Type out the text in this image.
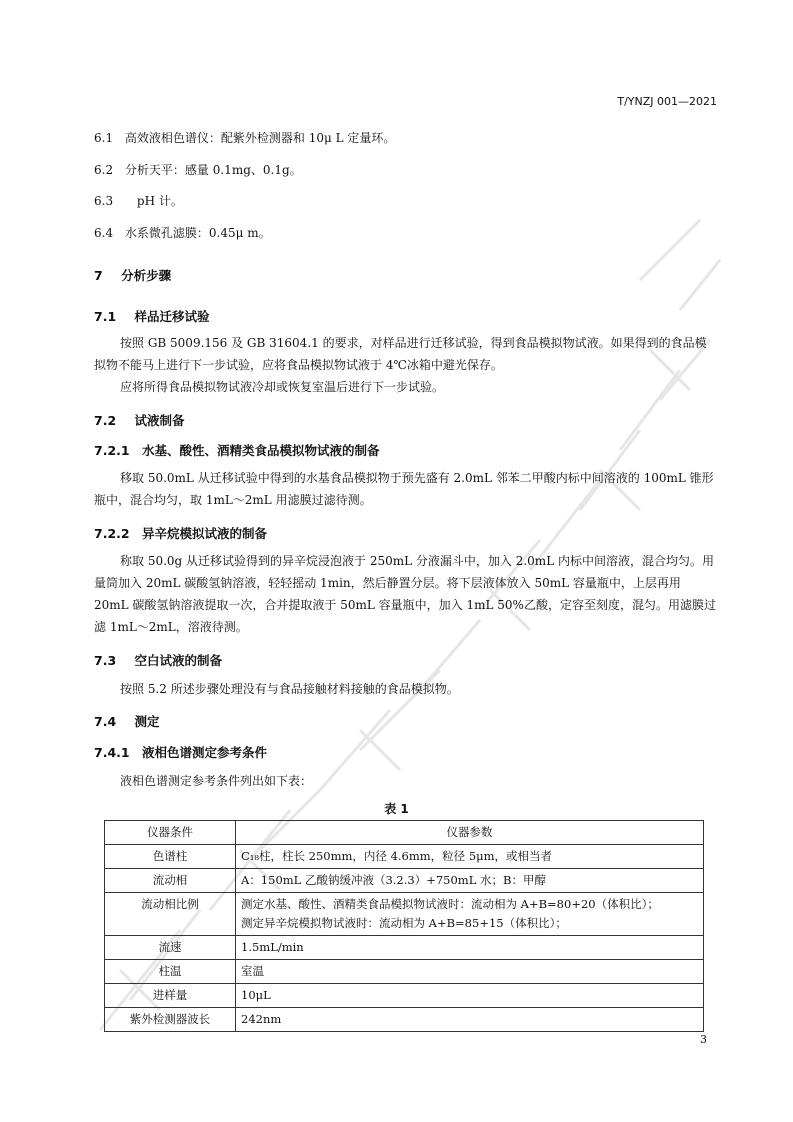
T/YNZJ 001—2021
6.1 高效液相色谱仪：配紫外检测器和 10μ L 定量环。
6.2 分析天平：感量 0.1mg、0.1g。
6.3 pH 计。
6.4 水系微孔滤膜：0.45μ m。
7 分析步骤
7.1 样品迁移试验
按照 GB 5009.156 及 GB 31604.1 的要求，对样品进行迁移试验，得到食品模拟物试液。如果得到的食品模拟物不能马上进行下一步试验，应将食品模拟物试液于 4℃冰箱中避光保存。
应将所得食品模拟物试液冷却或恢复室温后进行下一步试验。
7.2 试液制备
7.2.1 水基、酸性、酒精类食品模拟物试液的制备
移取 50.0mL 从迁移试验中得到的水基食品模拟物于预先盛有 2.0mL 邻苯二甲酸内标中间溶液的 100mL 锥形瓶中，混合均匀，取 1mL～2mL 用滤膜过滤待测。
7.2.2 异辛烷模拟试液的制备
称取 50.0g 从迁移试验得到的异辛烷浸泡液于 250mL 分液漏斗中，加入 2.0mL 内标中间溶液，混合均匀。用量筒加入 20mL 碳酸氢钠溶液，轻轻摇动 1min，然后静置分层。将下层液体放入 50mL 容量瓶中，上层再用 20mL 碳酸氢钠溶液提取一次，合并提取液于 50mL 容量瓶中，加入 1mL 50%乙酸，定容至刻度，混匀。用滤膜过滤 1mL～2mL，溶液待测。
7.3 空白试液的制备
按照 5.2 所述步骤处理没有与食品接触材料接触的食品模拟物。
7.4 测定
7.4.1 液相色谱测定参考条件
液相色谱测定参考条件列出如下表：
表 1
仪器条件	仪器参数
色谱柱	C₁₈柱，柱长 250mm，内径 4.6mm，粒径 5μm，或相当者
流动相	A：150mL 乙酸钠缓冲液（3.2.3）+750mL 水；B：甲醇
流动相比例	测定水基、酸性、酒精类食品模拟物试液时：流动相为 A+B=80+20（体积比）；
测定异辛烷模拟物试液时：流动相为 A+B=85+15（体积比）；

流速	1.5mL/min
柱温	室温
进样量	10μL
紫外检测器波长	242nm
3
